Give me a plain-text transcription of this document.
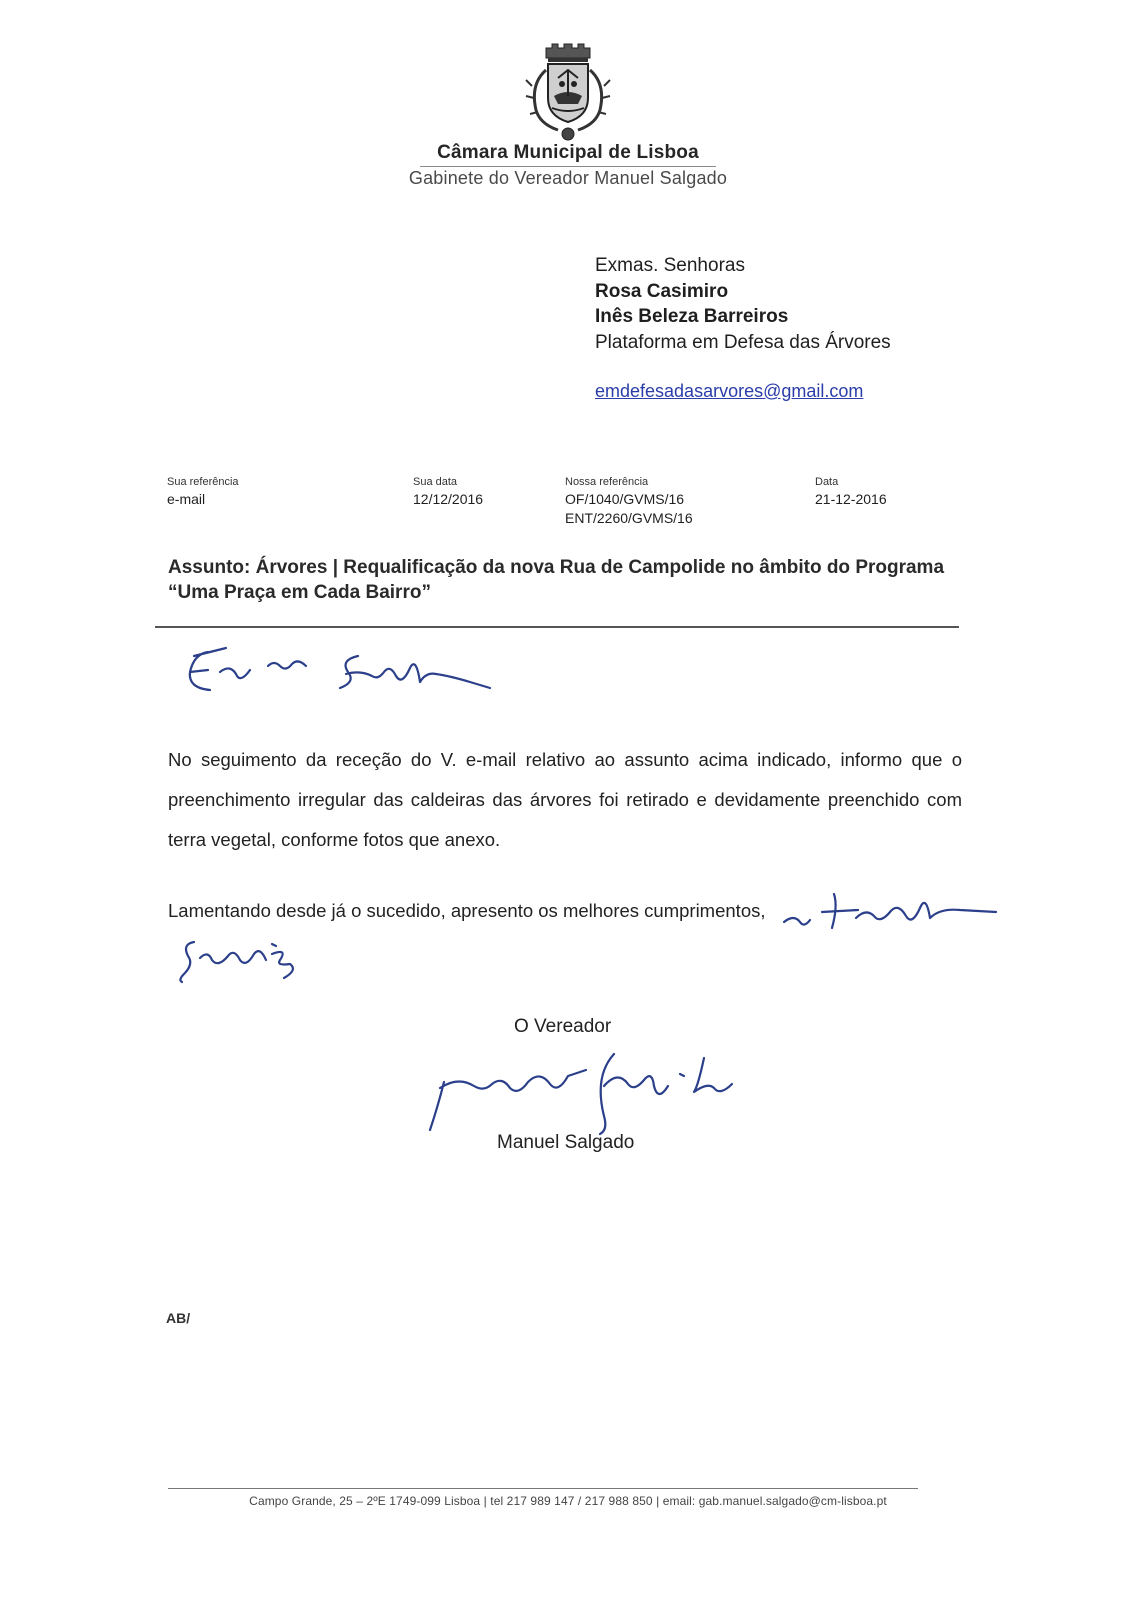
Câmara Municipal de Lisboa
Gabinete do Vereador Manuel Salgado
Exmas. Senhoras
Rosa Casimiro
Inês Beleza Barreiros
Plataforma em Defesa das Árvores
emdefesadasarvores@gmail.com
Sua referência
e-mail
Sua data
12/12/2016
Nossa referência
OF/1040/GVMS/16
ENT/2260/GVMS/16
Data
21-12-2016
Assunto: Árvores | Requalificação da nova Rua de Campolide no âmbito do Programa
“Uma Praça em Cada Bairro”
No seguimento da receção do V. e-mail relativo ao assunto acima indicado, informo que o preenchimento irregular das caldeiras das árvores foi retirado e devidamente preenchido com terra vegetal, conforme fotos que anexo.
Lamentando desde já o sucedido, apresento os melhores cumprimentos,
O Vereador
Manuel Salgado
AB/
Campo Grande, 25 – 2ºE 1749-099 Lisboa | tel 217 989 147 / 217 988 850 | email: gab.manuel.salgado@cm-lisboa.pt
